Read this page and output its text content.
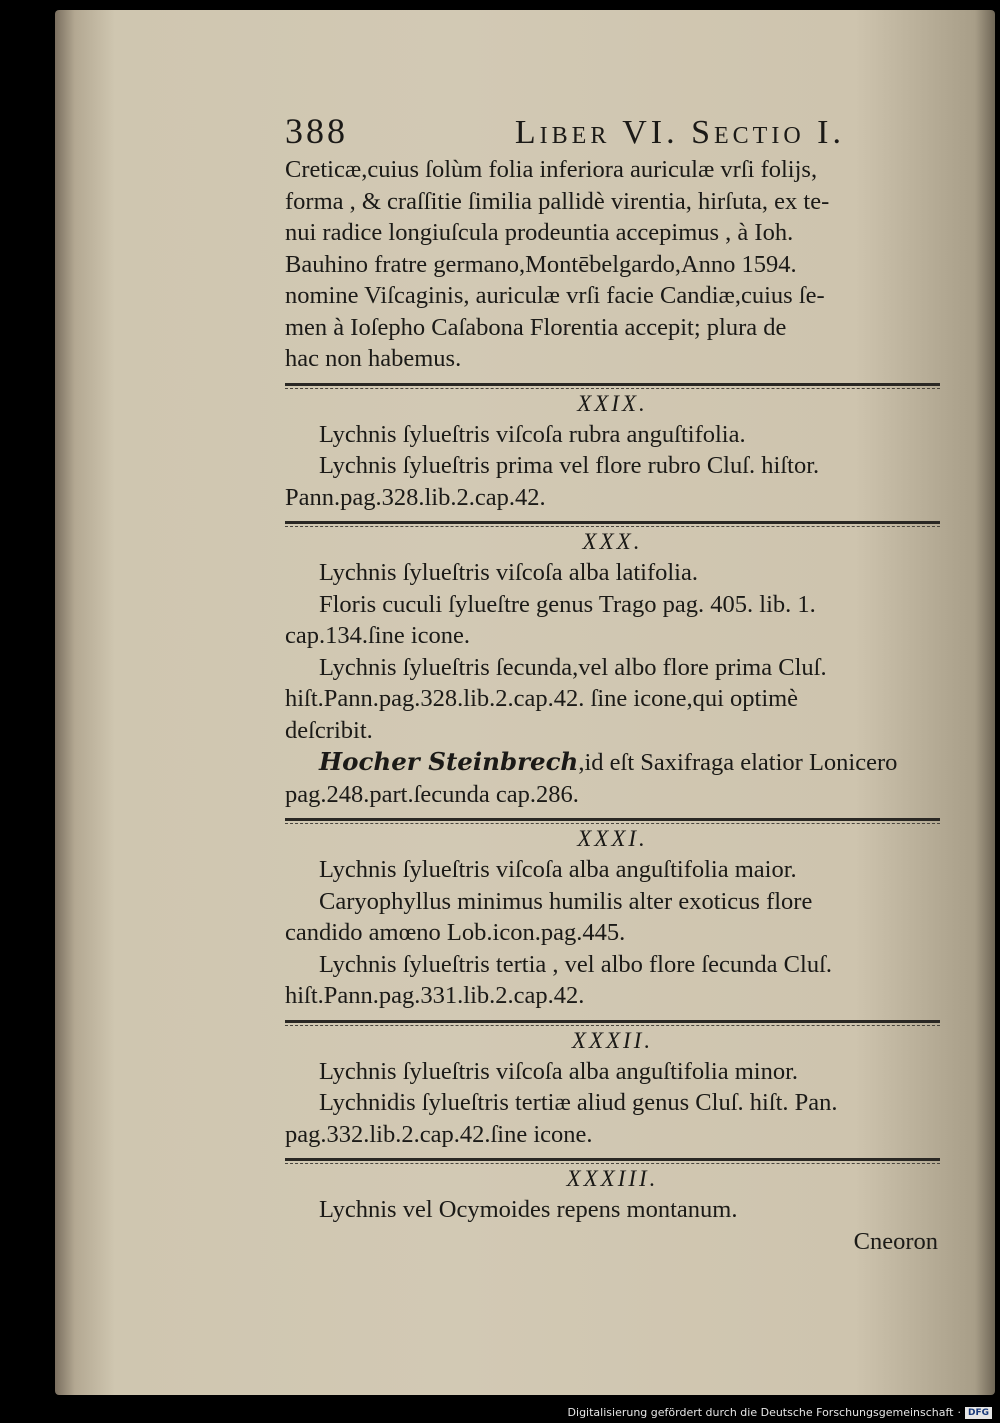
388	Liber VI. Sectio I.
Creticæ,cuius ſolùm folia inferiora auriculæ vrſi folijs,
forma , & craſſitie ſimilia pallidè virentia, hirſuta, ex te-
nui radice longiuſcula prodeuntia accepimus , à Ioh.
Bauhino fratre germano,Montēbelgardo,Anno 1594.
nomine Viſcaginis, auriculæ vrſi facie Candiæ,cuius ſe-
men à Ioſepho Caſabona Florentia accepit; plura de
hac non habemus.
XXIX.
Lychnis ſylueſtris viſcoſa rubra anguſtifolia.
Lychnis ſylueſtris prima vel flore rubro Cluſ. hiſtor.
Pann.pag.328.lib.2.cap.42.
XXX.
Lychnis ſylueſtris viſcoſa alba latifolia.
Floris cuculi ſylueſtre genus Trago pag. 405. lib. 1.
cap.134.ſine icone.
Lychnis ſylueſtris ſecunda,vel albo flore prima Cluſ.
hiſt.Pann.pag.328.lib.2.cap.42. ſine icone,qui optimè
deſcribit.
Hocher Steinbrech,id eſt Saxifraga elatior Lonicero
pag.248.part.ſecunda cap.286.
XXXI.
Lychnis ſylueſtris viſcoſa alba anguſtifolia maior.
Caryophyllus minimus humilis alter exoticus flore
candido amœno Lob.icon.pag.445.
Lychnis ſylueſtris tertia , vel albo flore ſecunda Cluſ.
hiſt.Pann.pag.331.lib.2.cap.42.
XXXII.
Lychnis ſylueſtris viſcoſa alba anguſtifolia minor.
Lychnidis ſylueſtris tertiæ aliud genus Cluſ. hiſt. Pan.
pag.332.lib.2.cap.42.ſine icone.
XXXIII.
Lychnis vel Ocymoides repens montanum.
Cneoron
Digitalisierung gefördert durch die Deutsche Forschungsgemeinschaft · DFG
